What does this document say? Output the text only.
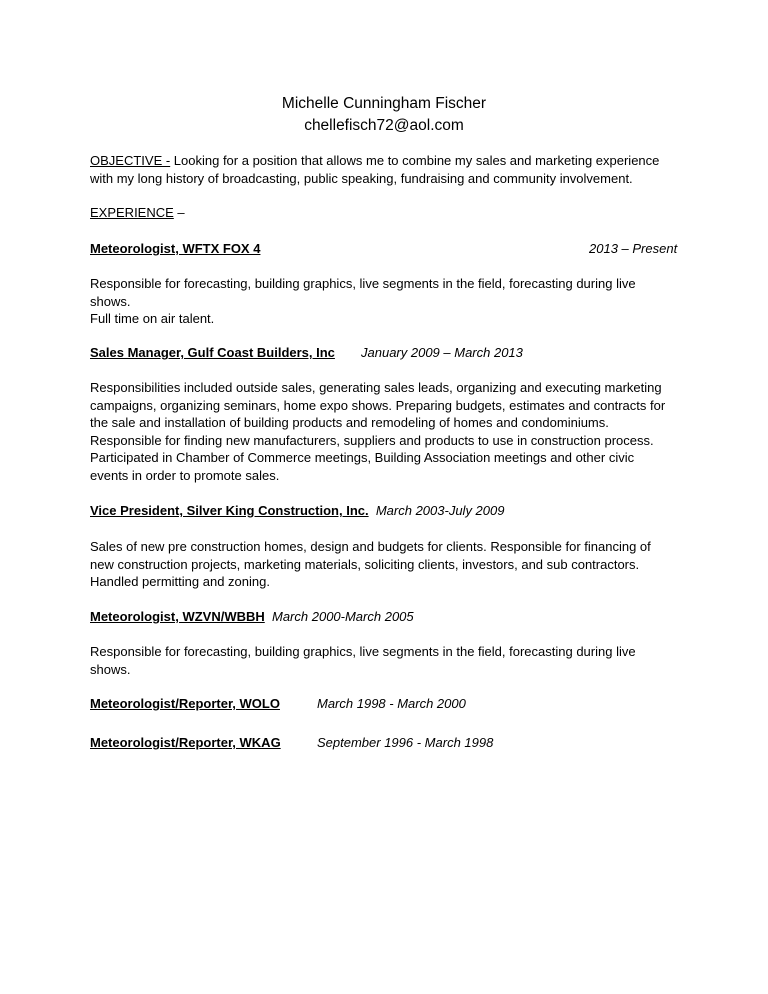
Michelle Cunningham Fischer
chellefisch72@aol.com
OBJECTIVE - Looking for a position that allows me to combine my sales and marketing experience
with my long history of broadcasting, public speaking, fundraising and community involvement.
EXPERIENCE –
Meteorologist, WFTX FOX 4	2013 – Present
Responsible for forecasting, building graphics, live segments in the field, forecasting during live
shows.
Full time on air talent.
Sales Manager, Gulf Coast Builders, Inc January 2009 – March 2013
Responsibilities included outside sales, generating sales leads, organizing and executing marketing
campaigns, organizing seminars, home expo shows. Preparing budgets, estimates and contracts for
the sale and installation of building products and remodeling of homes and condominiums.
Responsible for finding new manufacturers, suppliers and products to use in construction process.
Participated in Chamber of Commerce meetings, Building Association meetings and other civic
events in order to promote sales.
Vice President, Silver King Construction, Inc. March 2003-July 2009
Sales of new pre construction homes, design and budgets for clients. Responsible for financing of
new construction projects, marketing materials, soliciting clients, investors, and sub contractors.
Handled permitting and zoning.
Meteorologist, WZVN/WBBH March 2000-March 2005
Responsible for forecasting, building graphics, live segments in the field, forecasting during live
shows.
Meteorologist/Reporter, WOLO	March 1998 - March 2000
Meteorologist/Reporter, WKAG	September 1996 - March 1998
